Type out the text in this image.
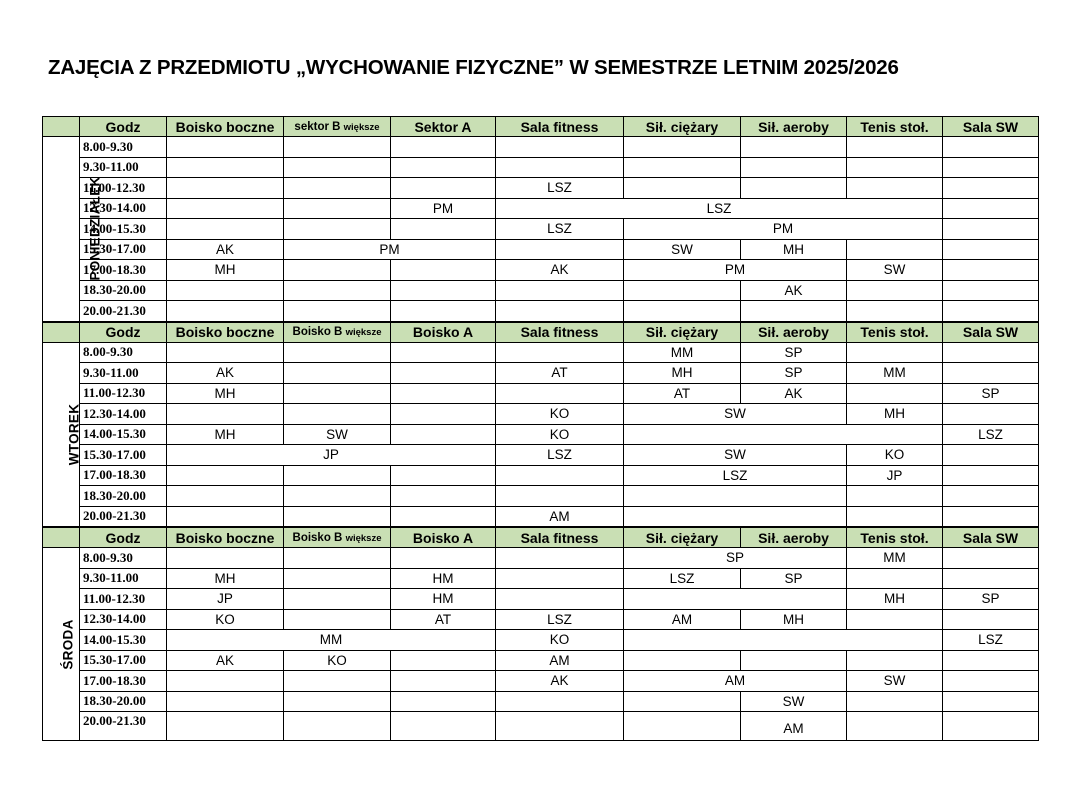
ZAJĘCIA Z PRZEDMIOTU „WYCHOWANIE FIZYCZNE” W SEMESTRZE LETNIM 2025/2026
	Godz	Boisko boczne	sektor B większe	Sektor A	Sala fitness	Sił. ciężary	Sił. aeroby	Tenis stoł.	Sala SW
PONIEDZIAŁEK	8.00-9.30								
	9.30-11.00								
	11.00-12.30				LSZ				
	12.30-14.00			PM	LSZ				
	14.00-15.30				LSZ	PM			
	15.30-17.00	AK	PM			SW	MH		
	17.00-18.30	MH			AK	PM		SW	
	18.30-20.00						AK		
	20.00-21.30								
	Godz	Boisko boczne	Boisko B większe	Boisko A	Sala fitness	Sił. ciężary	Sił. aeroby	Tenis stoł.	Sala SW
WTOREK	8.00-9.30					MM	SP		
	9.30-11.00	AK			AT	MH	SP	MM	
	11.00-12.30	MH				AT	AK		SP
	12.30-14.00				KO	SW		MH	
	14.00-15.30	MH	SW		KO				LSZ
	15.30-17.00	JP			LSZ	SW		KO	
	17.00-18.30					LSZ		JP	
	18.30-20.00								
	20.00-21.30				AM				
	Godz	Boisko boczne	Boisko B większe	Boisko A	Sala fitness	Sił. ciężary	Sił. aeroby	Tenis stoł.	Sala SW
ŚRODA	8.00-9.30					SP		MM	
	9.30-11.00	MH		HM		LSZ	SP		
	11.00-12.30	JP		HM				MH	SP
	12.30-14.00	KO		AT	LSZ	AM	MH		
	14.00-15.30	MM			KO				LSZ
	15.30-17.00	AK	KO		AM				
	17.00-18.30				AK	AM		SW	
	18.30-20.00						SW		
	20.00-21.30						AM		
